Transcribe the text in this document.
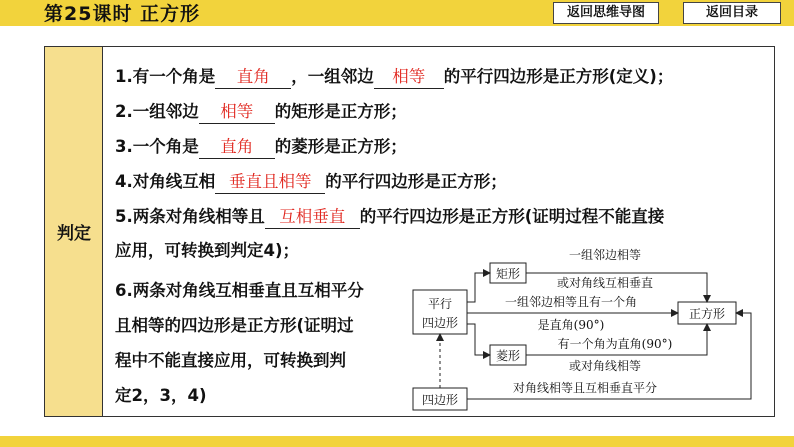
第25课时 正方形	返回思维导图	返回目录
判定
1.有一个角是 直角 ，一组邻边 相等 的平行四边形是正方形(定义)；
2.一组邻边 相等 的矩形是正方形；
3.一个角是 直角 的菱形是正方形；
4.对角线互相 垂直且相等 的平行四边形是正方形；
5.两条对角线相等且 互相垂直 的平行四边形是正方形(证明过程不能直接
应用，可转换到判定4)；
6.两条对角线互相垂直且互相平分
且相等的四边形是正方形(证明过
程中不能直接应用，可转换到判
定2，3，4)
平行
四边形
矩形
菱形
正方形
四边形
一组邻边相等
或对角线互相垂直
一组邻边相等且有一个角
是直角(90°)
有一个角为直角(90°)
或对角线相等
对角线相等且互相垂直平分
